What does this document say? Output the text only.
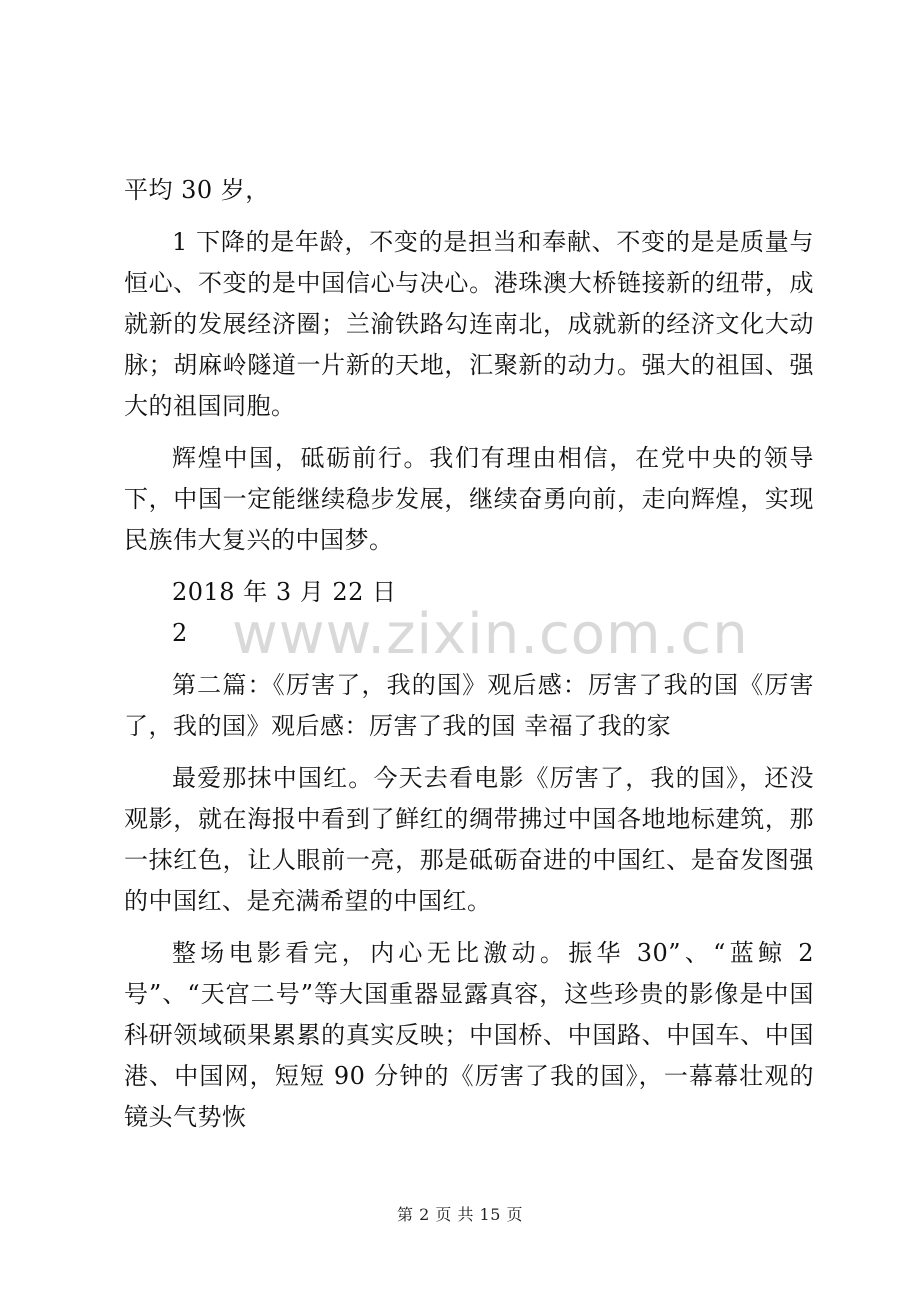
平均 30 岁，

1 下降的是年龄，不变的是担当和奉献、不变的是是质量与恒心、不变的是中国信心与决心。港珠澳大桥链接新的纽带，成就新的发展经济圈；兰渝铁路勾连南北，成就新的经济文化大动脉；胡麻岭隧道一片新的天地，汇聚新的动力。强大的祖国、强大的祖国同胞。

辉煌中国，砥砺前行。我们有理由相信，在党中央的领导下，中国一定能继续稳步发展，继续奋勇向前，走向辉煌，实现民族伟大复兴的中国梦。

2018 年 3 月 22 日

2

第二篇：《厉害了，我的国》观后感：厉害了我的国《厉害了，我的国》观后感：厉害了我的国 幸福了我的家

最爱那抹中国红。今天去看电影《厉害了，我的国》，还没观影，就在海报中看到了鲜红的绸带拂过中国各地地标建筑，那一抹红色，让人眼前一亮，那是砥砺奋进的中国红、是奋发图强的中国红、是充满希望的中国红。

整场电影看完，内心无比激动。振华 30”、“蓝鲸 2 号”、“天宫二号”等大国重器显露真容，这些珍贵的影像是中国科研领域硕果累累的真实反映；中国桥、中国路、中国车、中国港、中国网，短短 90 分钟的《厉害了我的国》，一幕幕壮观的镜头气势恢

www.zixin.com.cn
第 2 页 共 15 页
